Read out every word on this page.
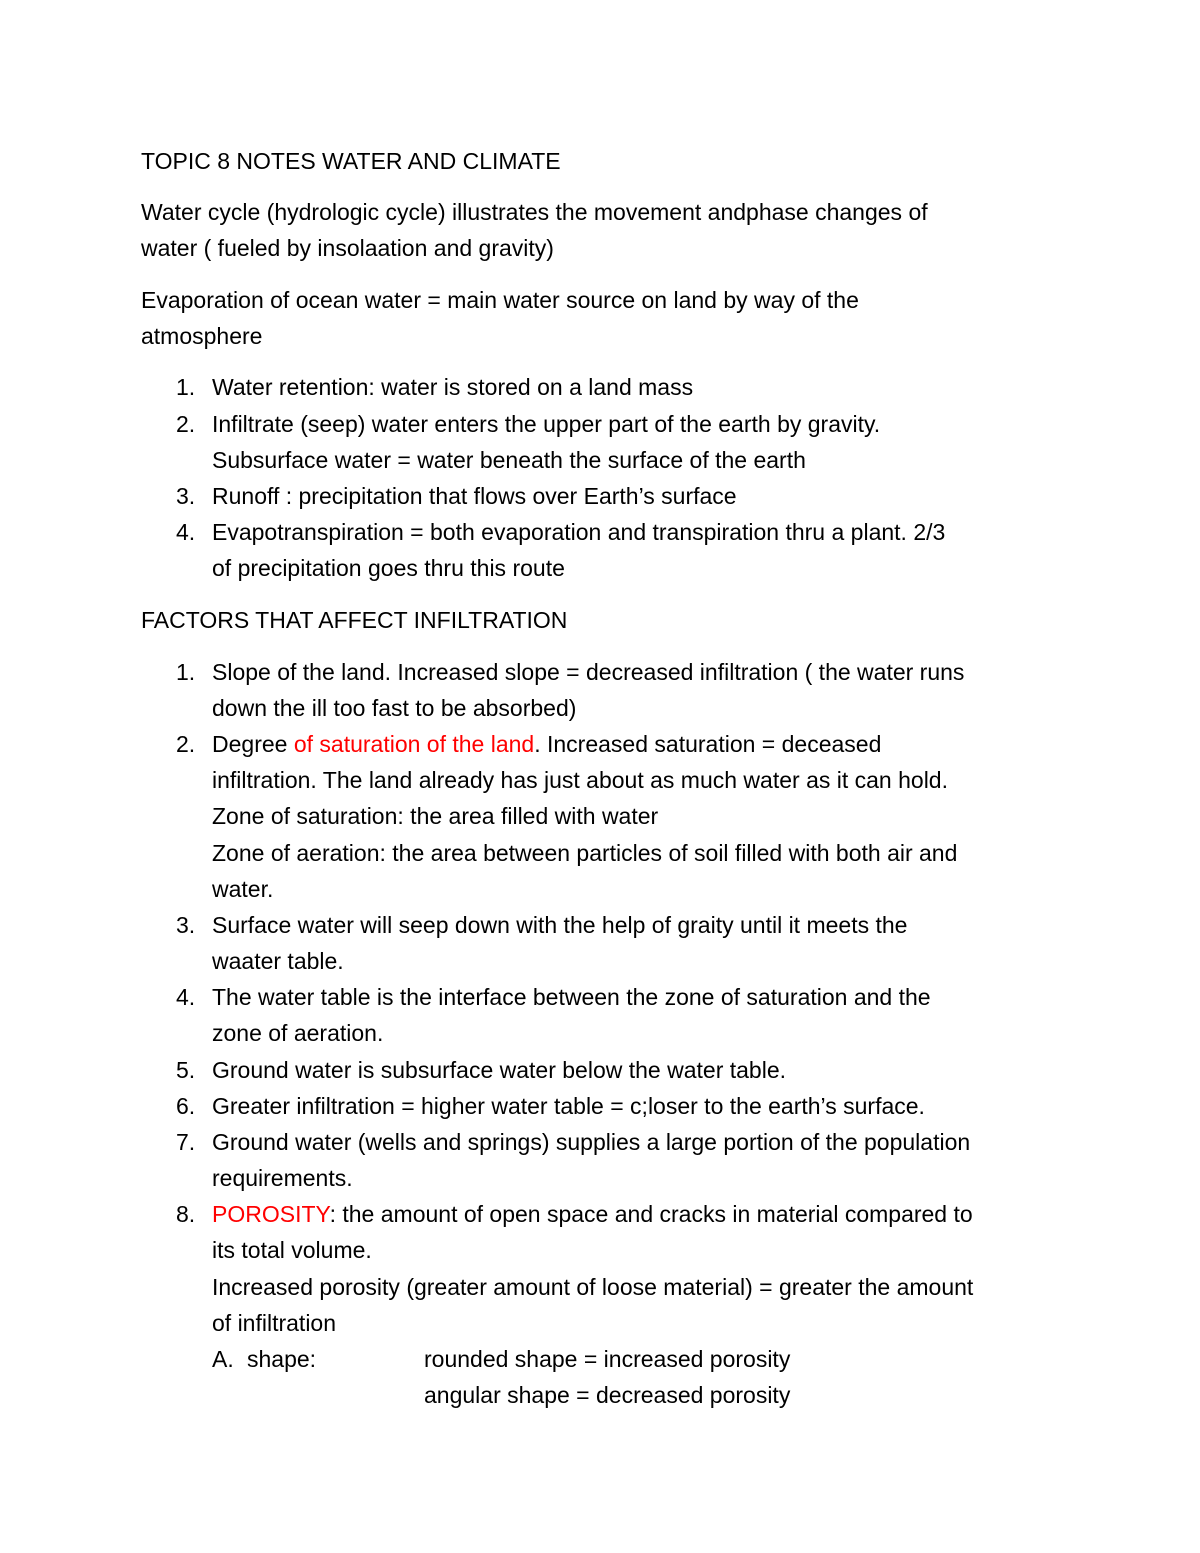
TOPIC 8 NOTES WATER AND CLIMATE
Water cycle (hydrologic cycle) illustrates the movement andphase changes of
water ( fueled by insolaation and gravity)
Evaporation of ocean water = main water source on land by way of the
atmosphere
1. Water retention: water is stored on a land mass
2. Infiltrate (seep) water enters the upper part of the earth by gravity.
Subsurface water = water beneath the surface of the earth
3. Runoff : precipitation that flows over Earth’s surface
4. Evapotranspiration = both evaporation and transpiration thru a plant. 2/3
of precipitation goes thru this route
FACTORS THAT AFFECT INFILTRATION
1. Slope of the land. Increased slope = decreased infiltration ( the water runs
down the ill too fast to be absorbed)
2. Degree of saturation of the land. Increased saturation = deceased
infiltration. The land already has just about as much water as it can hold.
Zone of saturation: the area filled with water
Zone of aeration: the area between particles of soil filled with both air and
water.
3. Surface water will seep down with the help of graity until it meets the
waater table.
4. The water table is the interface between the zone of saturation and the
zone of aeration.
5. Ground water is subsurface water below the water table.
6. Greater infiltration = higher water table = c;loser to the earth’s surface.
7. Ground water (wells and springs) supplies a large portion of the population
requirements.
8. POROSITY: the amount of open space and cracks in material compared to
its total volume.
Increased porosity (greater amount of loose material) = greater the amount
of infiltration
A. shape:	rounded shape = increased porosity
angular shape = decreased porosity
